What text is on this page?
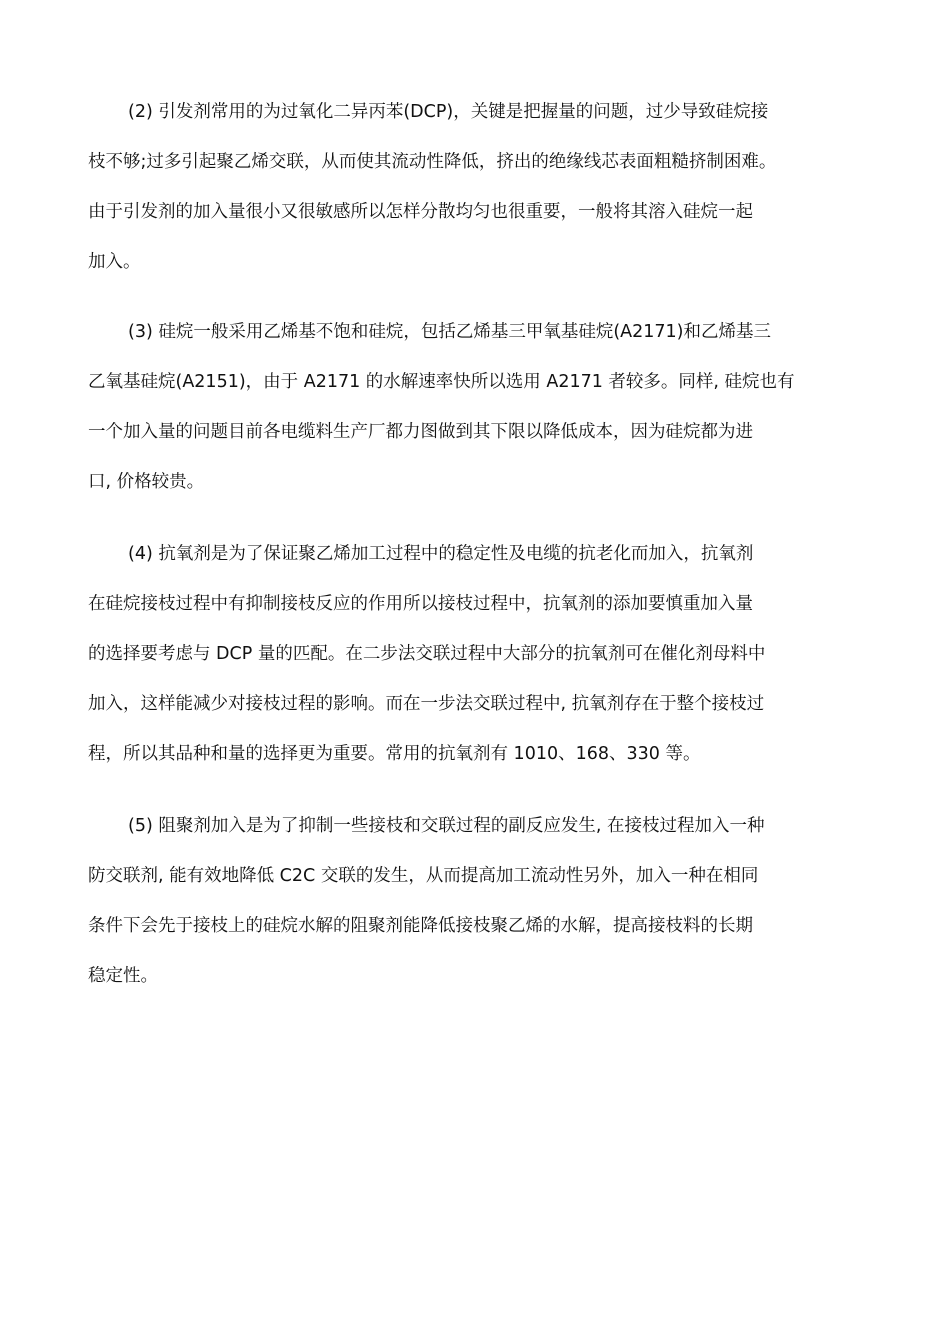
(2) 引发剂常用的为过氧化二异丙苯(DCP)，关键是把握量的问题，过少导致硅烷接
枝不够;过多引起聚乙烯交联，从而使其流动性降低，挤出的绝缘线芯表面粗糙挤制困难。
由于引发剂的加入量很小又很敏感所以怎样分散均匀也很重要，一般将其溶入硅烷一起
加入。
(3) 硅烷一般采用乙烯基不饱和硅烷，包括乙烯基三甲氧基硅烷(A2171)和乙烯基三
乙氧基硅烷(A2151)，由于 A2171 的水解速率快所以选用 A2171 者较多。同样, 硅烷也有
一个加入量的问题目前各电缆料生产厂都力图做到其下限以降低成本，因为硅烷都为进
口, 价格较贵。
(4) 抗氧剂是为了保证聚乙烯加工过程中的稳定性及电缆的抗老化而加入，抗氧剂
在硅烷接枝过程中有抑制接枝反应的作用所以接枝过程中，抗氧剂的添加要慎重加入量
的选择要考虑与 DCP 量的匹配。在二步法交联过程中大部分的抗氧剂可在催化剂母料中
加入，这样能减少对接枝过程的影响。而在一步法交联过程中, 抗氧剂存在于整个接枝过
程，所以其品种和量的选择更为重要。常用的抗氧剂有 1010、168、330 等。
(5) 阻聚剂加入是为了抑制一些接枝和交联过程的副反应发生, 在接枝过程加入一种
防交联剂, 能有效地降低 C2C 交联的发生，从而提高加工流动性另外，加入一种在相同
条件下会先于接枝上的硅烷水解的阻聚剂能降低接枝聚乙烯的水解，提高接枝料的长期
稳定性。
